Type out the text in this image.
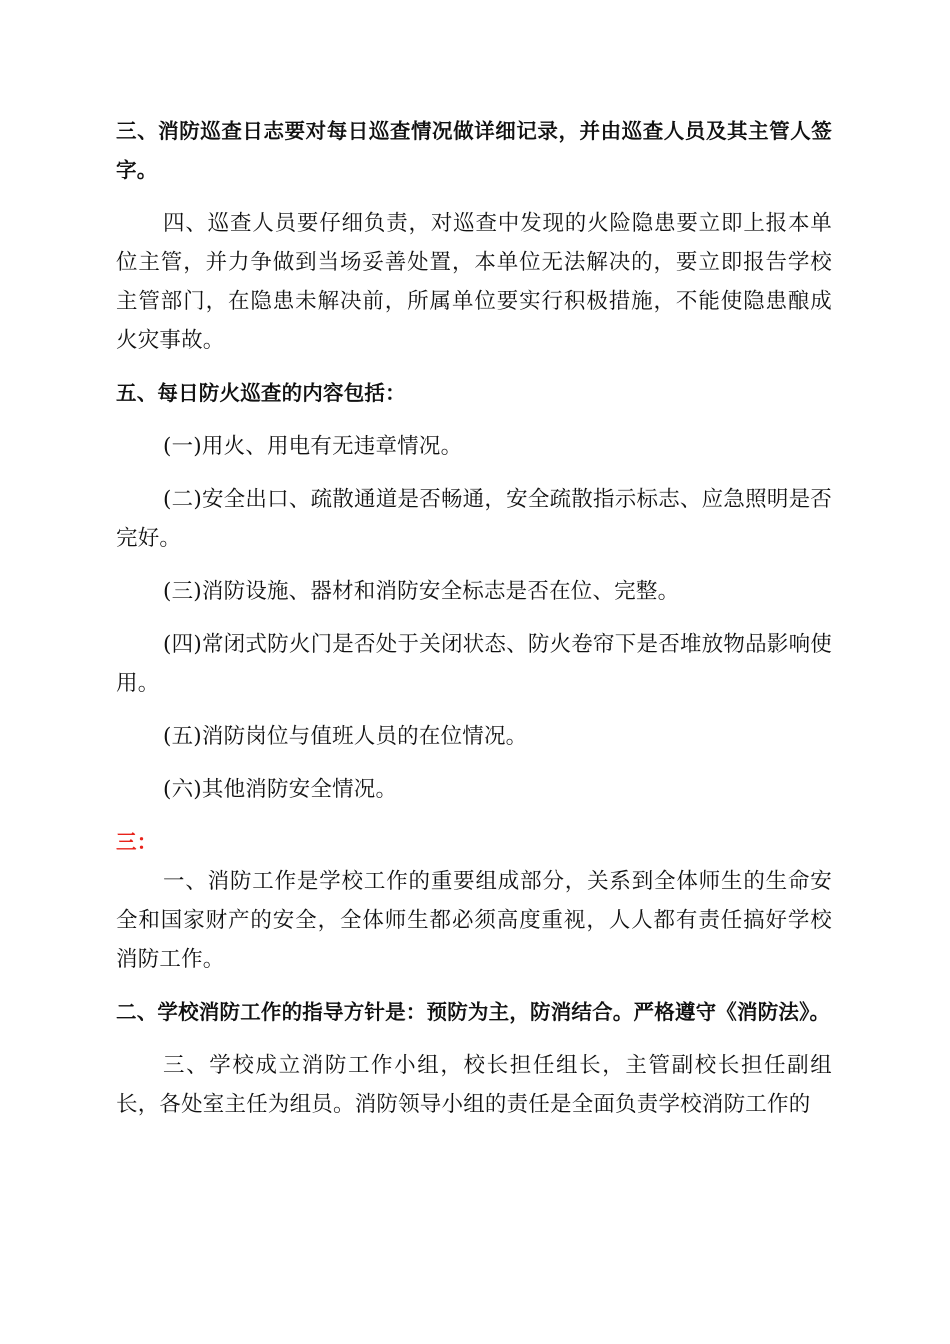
三、消防巡查日志要对每日巡查情况做详细记录，并由巡查人员及其主管人签字。

四、巡查人员要仔细负责，对巡查中发现的火险隐患要立即上报本单位主管，并力争做到当场妥善处置，本单位无法解决的，要立即报告学校主管部门，在隐患未解决前，所属单位要实行积极措施，不能使隐患酿成火灾事故。

五、每日防火巡查的内容包括：

(一)用火、用电有无违章情况。

(二)安全出口、疏散通道是否畅通，安全疏散指示标志、应急照明是否完好。

(三)消防设施、器材和消防安全标志是否在位、完整。

(四)常闭式防火门是否处于关闭状态、防火卷帘下是否堆放物品影响使用。

(五)消防岗位与值班人员的在位情况。

(六)其他消防安全情况。

三：

一、消防工作是学校工作的重要组成部分，关系到全体师生的生命安全和国家财产的安全，全体师生都必须高度重视，人人都有责任搞好学校消防工作。

二、学校消防工作的指导方针是：预防为主，防消结合。严格遵守《消防法》。

三、学校成立消防工作小组，校长担任组长，主管副校长担任副组长，各处室主任为组员。消防领导小组的责任是全面负责学校消防工作的
